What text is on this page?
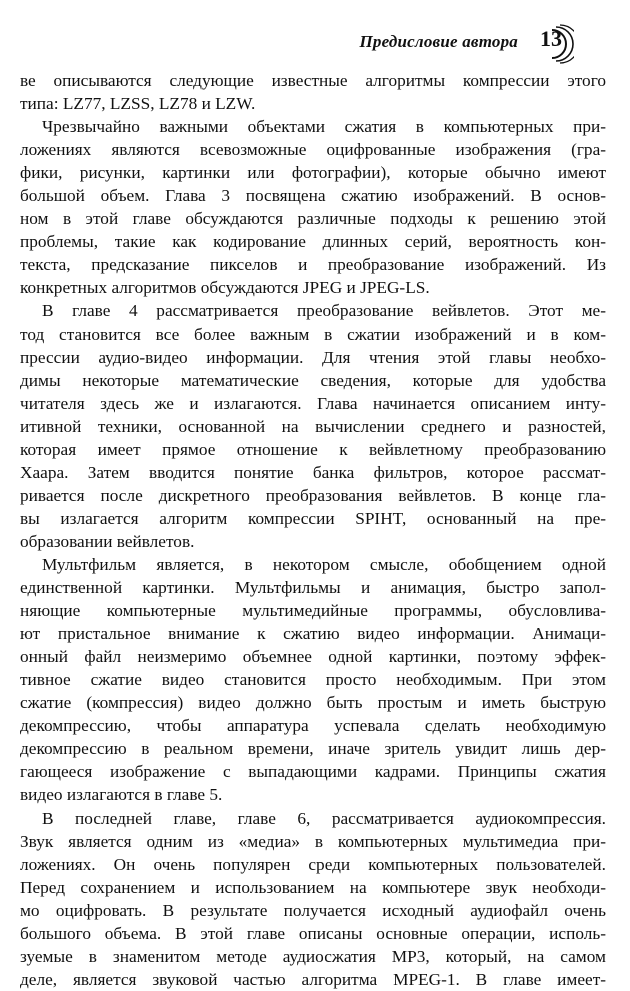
Предисловие автора 13
ве описываются следующие известные алгоритмы компрессии этого
типа: LZ77, LZSS, LZ78 и LZW.
Чрезвычайно важными объектами сжатия в компьютерных при-
ложениях являются всевозможные оцифрованные изображения (гра-
фики, рисунки, картинки или фотографии), которые обычно имеют
большой объем. Глава 3 посвящена сжатию изображений. В основ-
ном в этой главе обсуждаются различные подходы к решению этой
проблемы, такие как кодирование длинных серий, вероятность кон-
текста, предсказание пикселов и преобразование изображений. Из
конкретных алгоритмов обсуждаются JPEG и JPEG-LS.
В главе 4 рассматривается преобразование вейвлетов. Этот ме-
тод становится все более важным в сжатии изображений и в ком-
прессии аудио-видео информации. Для чтения этой главы необхо-
димы некоторые математические сведения, которые для удобства
читателя здесь же и излагаются. Глава начинается описанием инту-
итивной техники, основанной на вычислении среднего и разностей,
которая имеет прямое отношение к вейвлетному преобразованию
Хаара. Затем вводится понятие банка фильтров, которое рассмат-
ривается после дискретного преобразования вейвлетов. В конце гла-
вы излагается алгоритм компрессии SPIHT, основанный на пре-
образовании вейвлетов.
Мультфильм является, в некотором смысле, обобщением одной
единственной картинки. Мультфильмы и анимация, быстро запол-
няющие компьютерные мультимедийные программы, обусловлива-
ют пристальное внимание к сжатию видео информации. Анимаци-
онный файл неизмеримо объемнее одной картинки, поэтому эффек-
тивное сжатие видео становится просто необходимым. При этом
сжатие (компрессия) видео должно быть простым и иметь быструю
декомпрессию, чтобы аппаратура успевала сделать необходимую
декомпрессию в реальном времени, иначе зритель увидит лишь дер-
гающееся изображение с выпадающими кадрами. Принципы сжатия
видео излагаются в главе 5.
В последней главе, главе 6, рассматривается аудиокомпрессия.
Звук является одним из «медиа» в компьютерных мультимедиа при-
ложениях. Он очень популярен среди компьютерных пользователей.
Перед сохранением и использованием на компьютере звук необходи-
мо оцифровать. В результате получается исходный аудиофайл очень
большого объема. В этой главе описаны основные операции, исполь-
зуемые в знаменитом методе аудиосжатия MP3, который, на самом
деле, является звуковой частью алгоритма MPEG-1. В главе имеет-
